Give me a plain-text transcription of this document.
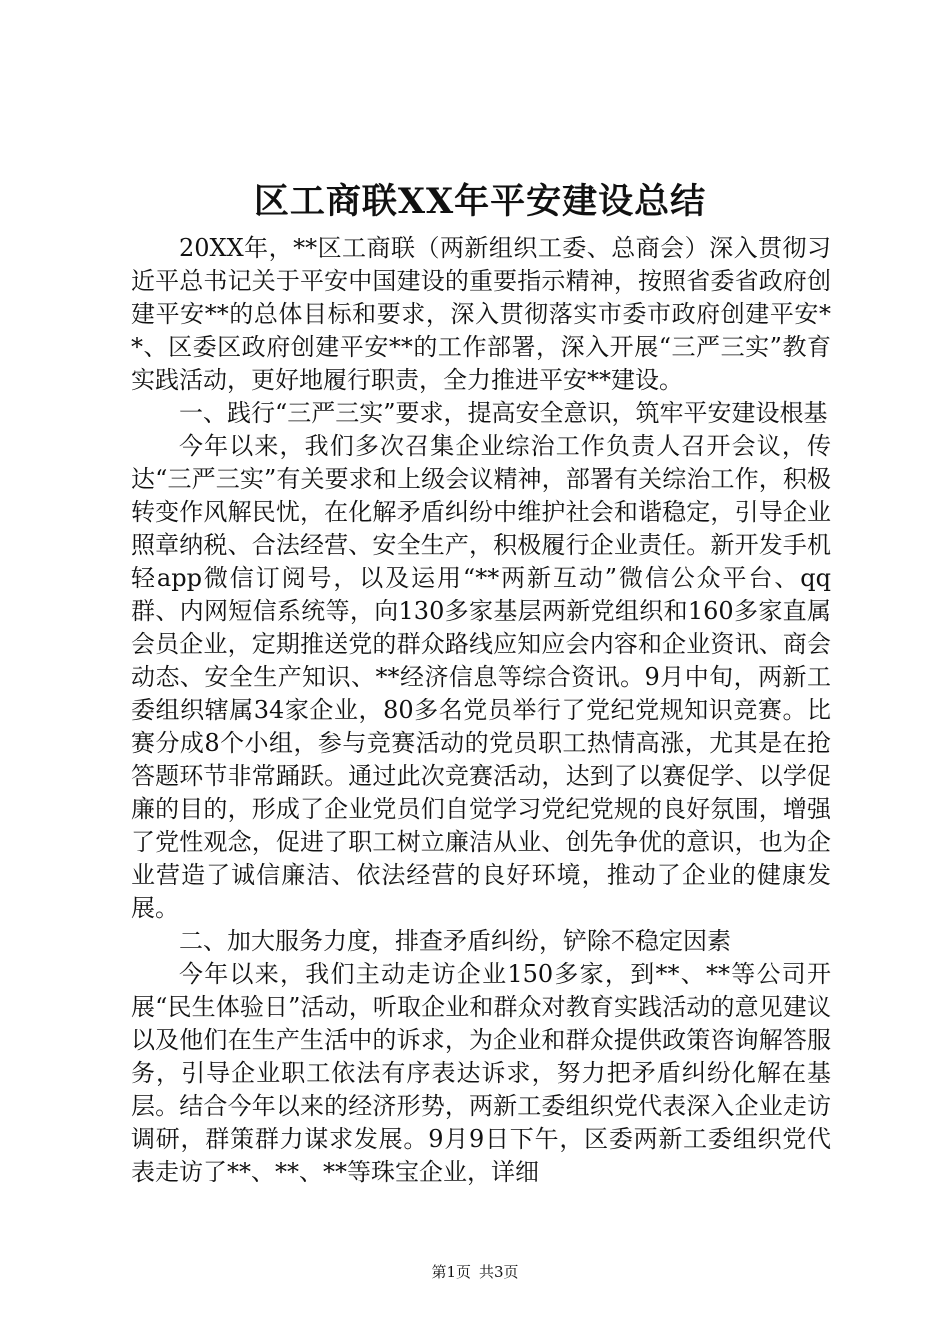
区工商联XX年平安建设总结

20XX年，**区工商联（两新组织工委、总商会）深入贯彻习近平总书记关于平安中国建设的重要指示精神，按照省委省政府创建平安**的总体目标和要求，深入贯彻落实市委市政府创建平安**、区委区政府创建平安**的工作部署，深入开展“三严三实”教育实践活动，更好地履行职责，全力推进平安**建设。

一、践行“三严三实”要求，提高安全意识，筑牢平安建设根基

今年以来，我们多次召集企业综治工作负责人召开会议，传达“三严三实”有关要求和上级会议精神，部署有关综治工作，积极转变作风解民忧，在化解矛盾纠纷中维护社会和谐稳定，引导企业照章纳税、合法经营、安全生产，积极履行企业责任。新开发手机轻app微信订阅号，以及运用“**两新互动”微信公众平台、qq群、内网短信系统等，向130多家基层两新党组织和160多家直属会员企业，定期推送党的群众路线应知应会内容和企业资讯、商会动态、安全生产知识、**经济信息等综合资讯。9月中旬，两新工委组织辖属34家企业，80多名党员举行了党纪党规知识竞赛。比赛分成8个小组，参与竞赛活动的党员职工热情高涨，尤其是在抢答题环节非常踊跃。通过此次竞赛活动，达到了以赛促学、以学促廉的目的，形成了企业党员们自觉学习党纪党规的良好氛围，增强了党性观念，促进了职工树立廉洁从业、创先争优的意识，也为企业营造了诚信廉洁、依法经营的良好环境，推动了企业的健康发展。

二、加大服务力度，排查矛盾纠纷，铲除不稳定因素

今年以来，我们主动走访企业150多家，到**、**等公司开展“民生体验日”活动，听取企业和群众对教育实践活动的意见建议以及他们在生产生活中的诉求，为企业和群众提供政策咨询解答服务，引导企业职工依法有序表达诉求，努力把矛盾纠纷化解在基层。结合今年以来的经济形势，两新工委组织党代表深入企业走访调研，群策群力谋求发展。9月9日下午，区委两新工委组织党代表走访了**、**、**等珠宝企业，详细

第1页 共3页
